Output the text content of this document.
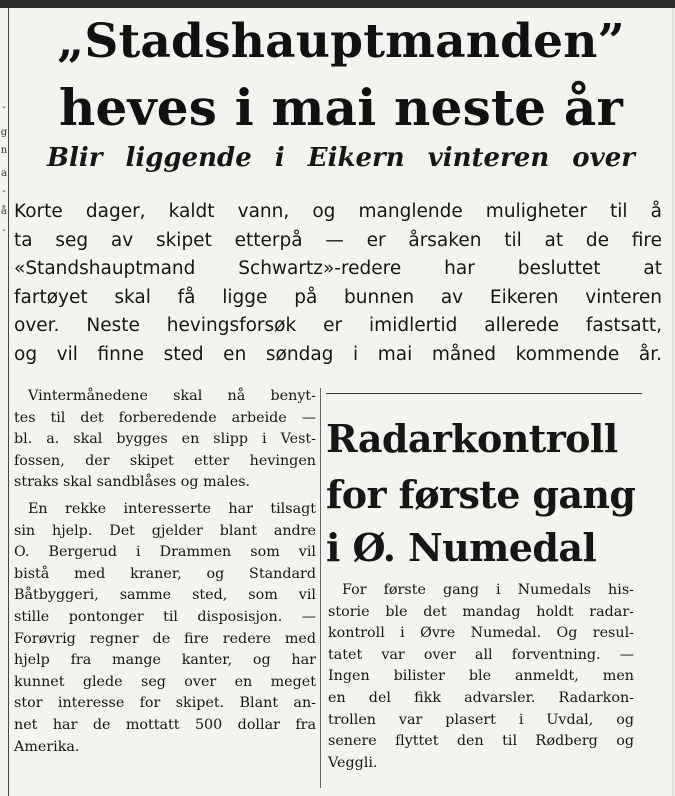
-
g
n
a
-
å
-
„Stadshauptmanden”
heves i mai neste år
Blir liggende i Eikern vinteren over
Korte dager, kaldt vann, og manglende muligheter til å
ta seg av skipet etterpå — er årsaken til at de fire
«Standshauptmand Schwartz»-redere har besluttet at
fartøyet skal få ligge på bunnen av Eikeren vinteren
over. Neste hevingsforsøk er imidlertid allerede fastsatt,
og vil finne sted en søndag i mai måned kommende år.
Vintermånedene skal nå benyt-
tes til det forberedende arbeide —
bl. a. skal bygges en slipp i Vest-
fossen, der skipet etter hevingen
straks skal sandblåses og males.
En rekke interesserte har tilsagt
sin hjelp. Det gjelder blant andre
O. Bergerud i Drammen som vil
bistå med kraner, og Standard
Båtbyggeri, samme sted, som vil
stille pontonger til disposisjon. —
Forøvrig regner de fire redere med
hjelp fra mange kanter, og har
kunnet glede seg over en meget
stor interesse for skipet. Blant an-
net har de mottatt 500 dollar fra
Amerika.
Radarkontroll
for første gang
i Ø. Numedal
For første gang i Numedals his-
storie ble det mandag holdt radar-
kontroll i Øvre Numedal. Og resul-
tatet var over all forventning. —
Ingen bilister ble anmeldt, men
en del fikk advarsler. Radarkon-
trollen var plasert i Uvdal, og
senere flyttet den til Rødberg og
Veggli.
